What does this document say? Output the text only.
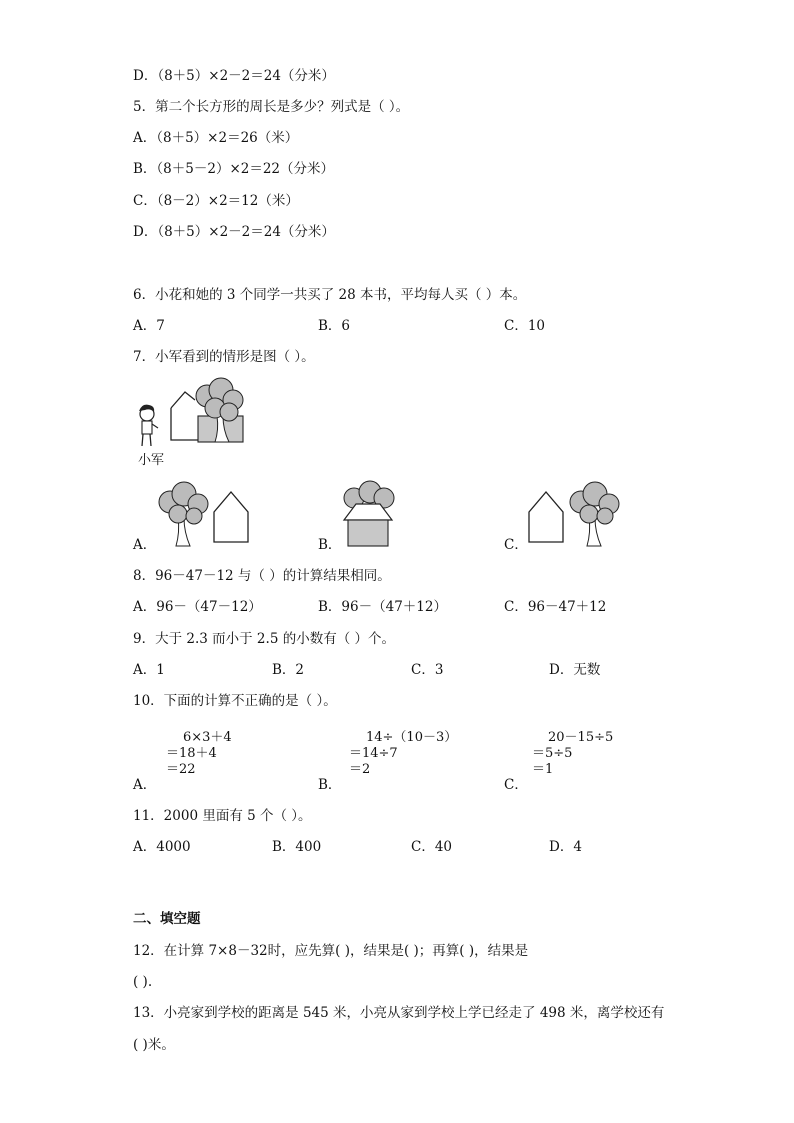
D．（8＋5）×2－2＝24（分米）
5．第二个长方形的周长是多少？列式是（ ）。
A．（8＋5）×2＝26（米）
B．（8＋5－2）×2＝22（分米）
C．（8－2）×2＝12（米）
D．（8＋5）×2－2＝24（分米）
6．小花和她的 3 个同学一共买了 28 本书，平均每人买（ ）本。
A．7	B．6	C．10
7．小军看到的情形是图（ ）。
小军
A．	B．	C．
8．96－47－12 与（ ）的计算结果相同。
A．96－（47－12）	B．96－（47＋12）	C．96－47＋12
9．大于 2.3 而小于 2.5 的小数有（ ）个。
A．1	B．2	C．3	D．无数
10．下面的计算不正确的是（ ）。
6×3＋4
＝18＋4
＝22
14÷（10－3）
＝14÷7
＝2
20－15÷5
＝5÷5
＝1
A．	B．	C．
11．2000 里面有 5 个（ ）。
A．4000	B．400	C．40	D．4
二、填空题
12．在计算 7×8－32时，应先算( )，结果是( )；再算( )，结果是
( ).
13．小亮家到学校的距离是 545 米，小亮从家到学校上学已经走了 498 米，离学校还有
( )米。
